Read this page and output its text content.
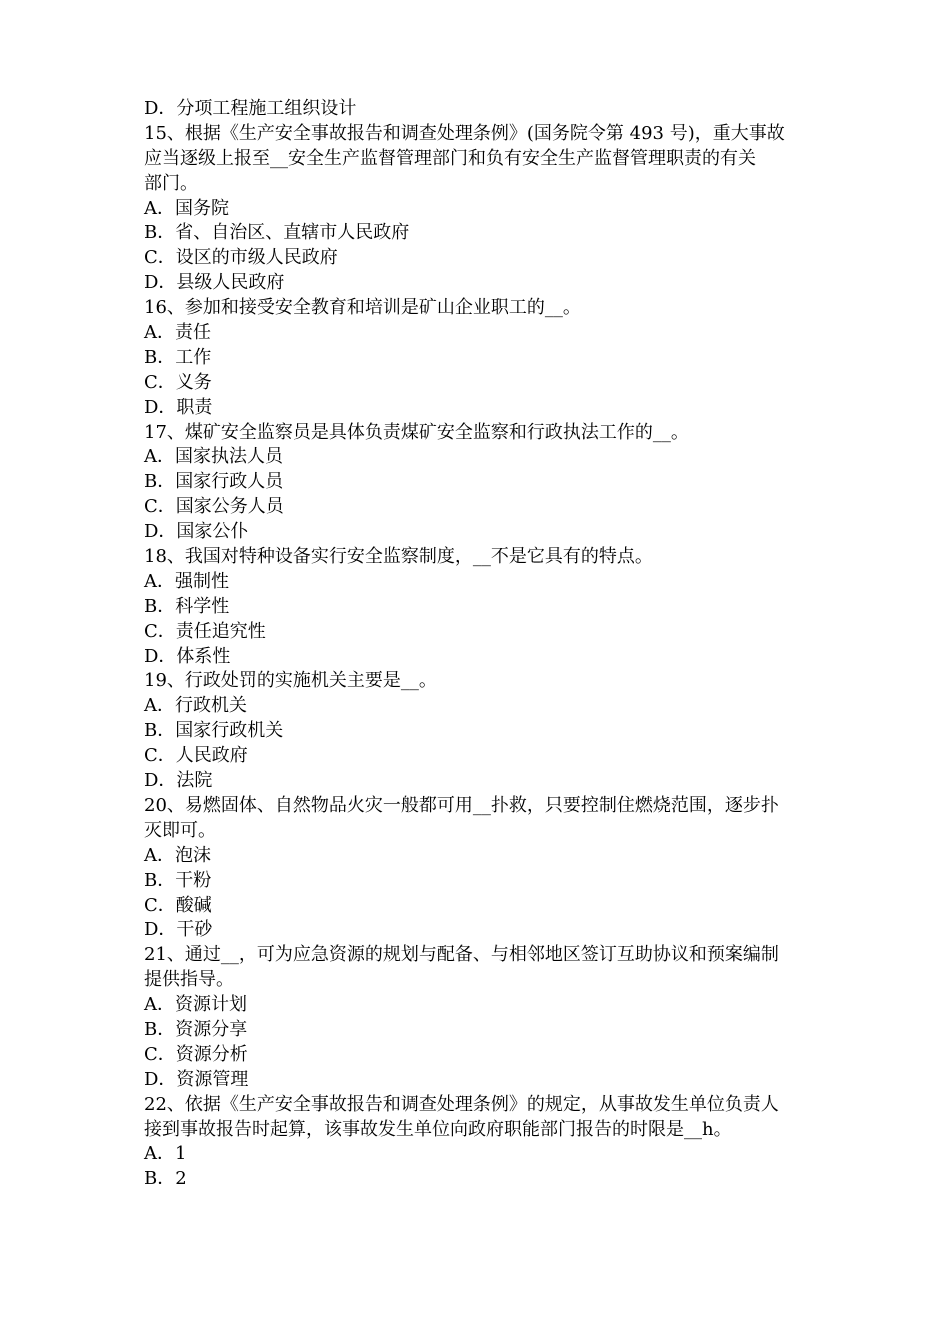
D．分项工程施工组织设计
15、根据《生产安全事故报告和调查处理条例》(国务院令第 493 号)，重大事故
应当逐级上报至__安全生产监督管理部门和负有安全生产监督管理职责的有关
部门。
A．国务院
B．省、自治区、直辖市人民政府
C．设区的市级人民政府
D．县级人民政府
16、参加和接受安全教育和培训是矿山企业职工的__。
A．责任
B．工作
C．义务
D．职责
17、煤矿安全监察员是具体负责煤矿安全监察和行政执法工作的__。
A．国家执法人员
B．国家行政人员
C．国家公务人员
D．国家公仆
18、我国对特种设备实行安全监察制度，__不是它具有的特点。
A．强制性
B．科学性
C．责任追究性
D．体系性
19、行政处罚的实施机关主要是__。
A．行政机关
B．国家行政机关
C．人民政府
D．法院
20、易燃固体、自然物品火灾一般都可用__扑救，只要控制住燃烧范围，逐步扑
灭即可。
A．泡沫
B．干粉
C．酸碱
D．干砂
21、通过__，可为应急资源的规划与配备、与相邻地区签订互助协议和预案编制
提供指导。
A．资源计划
B．资源分享
C．资源分析
D．资源管理
22、依据《生产安全事故报告和调查处理条例》的规定，从事故发生单位负责人
接到事故报告时起算，该事故发生单位向政府职能部门报告的时限是__h。
A．1
B．2
